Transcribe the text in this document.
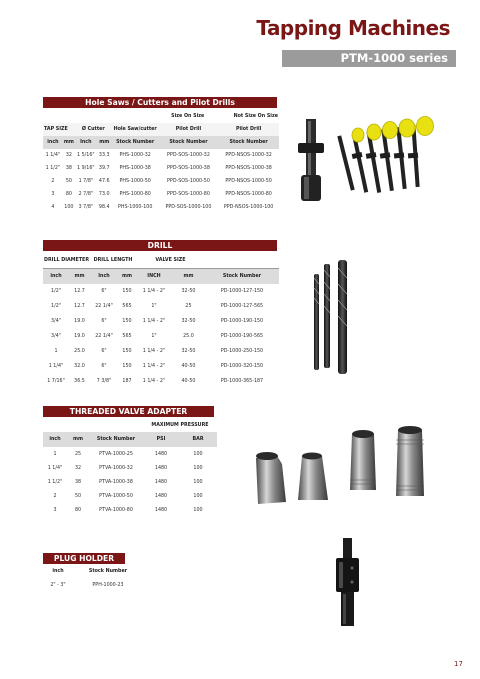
Tapping Machines
PTM-1000 series
Hole Saws / Cutters and Pilot Drills
				Size On Size		Not Size On Size
TAP SIZE		Ø Cutter		Hole Saw/cutter	Pilot Drill	Pilot Drill
inch	mm	Inch	mm	Stock Number	Stock Number	Stock Number
1 1/4"	32	1 5/16"	33.3	PHS-1000-32	PPD-SOS-1000-32	PPD-NSOS-1000-32
1 1/2"	38	1 9/16"	39.7	PHS-1000-38	PPD-SOS-1000-38	PPD-NSOS-1000-38
2	50	1 7/8"	47.6	PHS-1000-50	PPD-SOS-1000-50	PPD-NSOS-1000-50
3	80	2 7/8"	73.0	PHS-1000-80	PPD-SOS-1000-80	PPD-NSOS-1000-80
4	100	3 7/8"	98.4	PHS-1000-100	PPD-SOS-1000-100	PPD-NSOS-1000-100
DRILL
DRILL DIAMETER		DRILL LENGTH		VALVE SIZE		
inch	mm	Inch	mm	INCH	mm	Stock Number
1/2"	12.7	6"	150	1 1/4 - 2"	32-50	PD-1000-127-150
1/2"	12.7	22 1/4"	565	1"	25	PD-1000-127-565
3/4"	19.0	6"	150	1 1/4 - 2"	32-50	PD-1000-190-150
3/4"	19.0	22 1/4"	565	1"	25.0	PD-1000-190-565
1	25.0	6"	150	1 1/4 - 2"	32-50	PD-1000-250-150
1 1/4"	32.0	6"	150	1 1/4 - 2"	40-50	PD-1000-320-150
1 7/16"	36.5	7 3/8"	187	1 1/4 - 2"	40-50	PD-1000-365-187
THREADED VALVE ADAPTER
			MAXIMUM PRESSURE	
inch	mm	Stock Number	PSI	BAR
1	25	PTVA-1000-25	1480	100
1 1/4"	32	PTVA-1000-32	1480	100
1 1/2"	38	PTVA-1000-38	1480	100
2	50	PTVA-1000-50	1480	100
3	80	PTVA-1000-80	1480	100
PLUG HOLDER
inch	Stock Number
2" - 3"	PPH-1000-23
17
